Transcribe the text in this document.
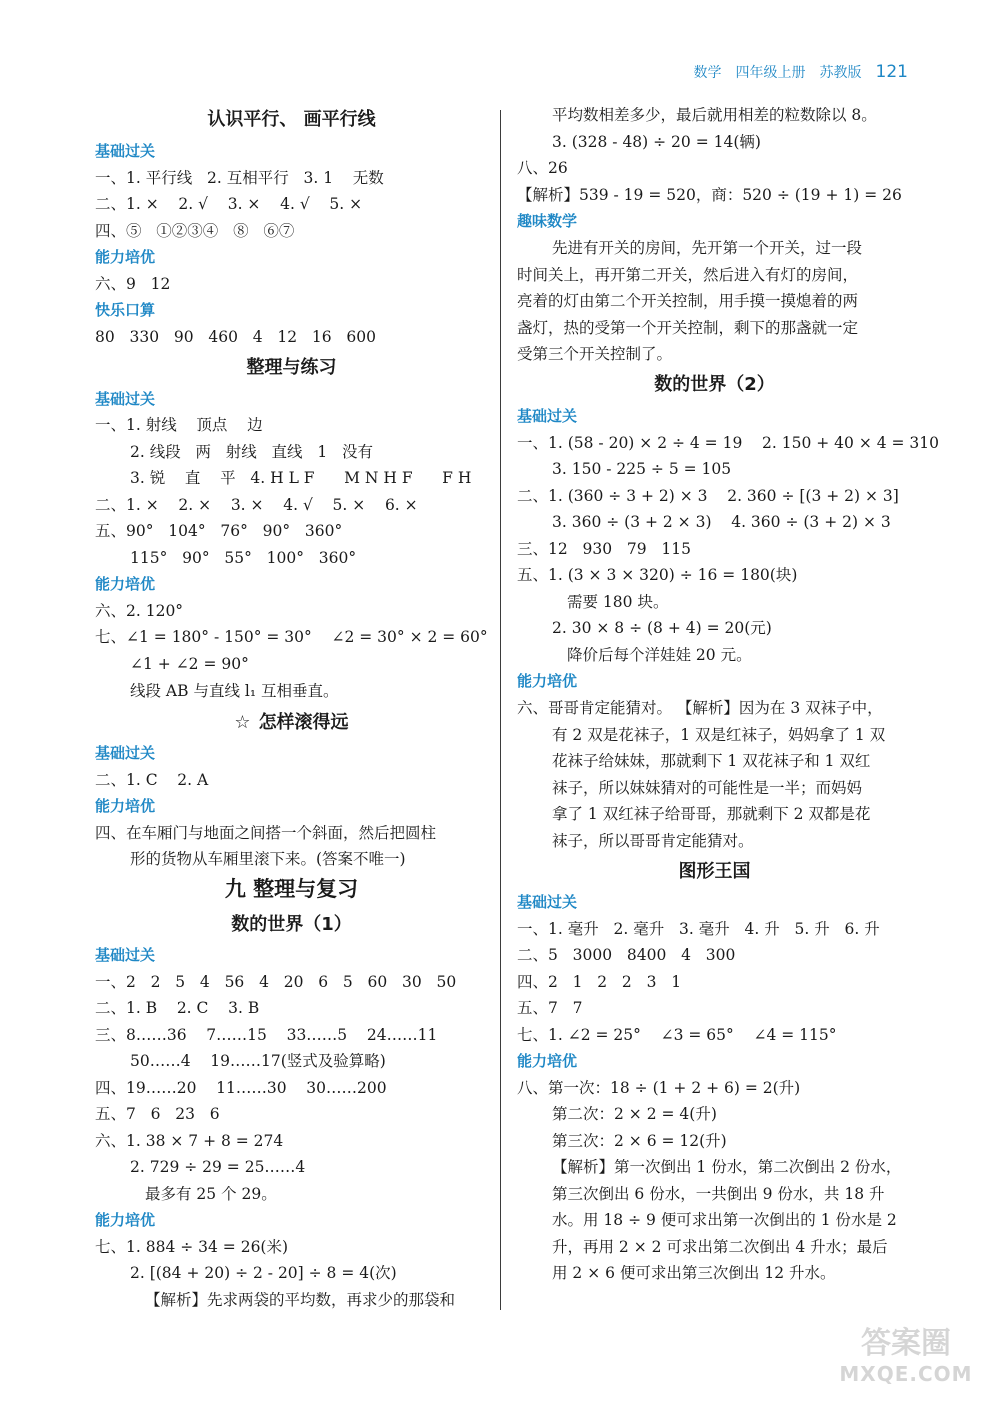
数学 四年级上册 苏教版 121
认识平行、 画平行线
基础过关
一、1. 平行线   2. 互相平行   3. 1    无数
二、1. ×    2. √    3. ×    4. √    5. ×
四、⑤   ①②③④   ⑧   ⑥⑦
能力培优
六、9   12
快乐口算
80   330   90   460   4   12   16   600
整理与练习
基础过关
一、1. 射线    顶点    边
2. 线段   两   射线   直线   1   没有
3. 锐    直    平   4. H L F      M N H F      F H
二、1. ×    2. ×    3. ×    4. √    5. ×    6. ×
五、90°   104°   76°   90°   360°
115°   90°   55°   100°   360°
能力培优
六、2. 120°
七、∠1 = 180° - 150° = 30°    ∠2 = 30° × 2 = 60°
∠1 + ∠2 = 90°
线段 AB 与直线 l₁ 互相垂直。
☆ 怎样滚得远
基础过关
二、1. C    2. A
能力培优
四、在车厢门与地面之间搭一个斜面，然后把圆柱
形的货物从车厢里滚下来。(答案不唯一)
九 整理与复习
数的世界（1）
基础过关
一、2   2   5   4   56   4   20   6   5   60   30   50
二、1. B    2. C    3. B
三、8……36    7……15    33……5    24……11
50……4    19……17(竖式及验算略)
四、19……20    11……30    30……200
五、7   6   23   6
六、1. 38 × 7 + 8 = 274
2. 729 ÷ 29 = 25……4
最多有 25 个 29。
能力培优
七、1. 884 ÷ 34 = 26(米)
2. [(84 + 20) ÷ 2 - 20] ÷ 8 = 4(次)
【解析】先求两袋的平均数，再求少的那袋和
平均数相差多少，最后就用相差的粒数除以 8。
3. (328 - 48) ÷ 20 = 14(辆)
八、26
【解析】539 - 19 = 520，商：520 ÷ (19 + 1) = 26
趣味数学
先进有开关的房间，先开第一个开关，过一段
时间关上，再开第二开关，然后进入有灯的房间，
亮着的灯由第二个开关控制，用手摸一摸熄着的两
盏灯，热的受第一个开关控制，剩下的那盏就一定
受第三个开关控制了。
数的世界（2）
基础过关
一、1. (58 - 20) × 2 ÷ 4 = 19    2. 150 + 40 × 4 = 310
3. 150 - 225 ÷ 5 = 105
二、1. (360 ÷ 3 + 2) × 3    2. 360 ÷ [(3 + 2) × 3]
3. 360 ÷ (3 + 2 × 3)    4. 360 ÷ (3 + 2) × 3
三、12   930   79   115
五、1. (3 × 3 × 320) ÷ 16 = 180(块)
需要 180 块。
2. 30 × 8 ÷ (8 + 4) = 20(元)
降价后每个洋娃娃 20 元。
能力培优
六、哥哥肯定能猜对。 【解析】因为在 3 双袜子中，
有 2 双是花袜子，1 双是红袜子，妈妈拿了 1 双
花袜子给妹妹，那就剩下 1 双花袜子和 1 双红
袜子，所以妹妹猜对的可能性是一半；而妈妈
拿了 1 双红袜子给哥哥，那就剩下 2 双都是花
袜子，所以哥哥肯定能猜对。
图形王国
基础过关
一、1. 毫升   2. 毫升   3. 毫升   4. 升   5. 升   6. 升
二、5   3000   8400   4   300
四、2   1   2   2   3   1
五、7   7
七、1. ∠2 = 25°    ∠3 = 65°    ∠4 = 115°
能力培优
八、第一次：18 ÷ (1 + 2 + 6) = 2(升)
第二次：2 × 2 = 4(升)
第三次：2 × 6 = 12(升)
【解析】第一次倒出 1 份水，第二次倒出 2 份水，
第三次倒出 6 份水，一共倒出 9 份水，共 18 升
水。用 18 ÷ 9 便可求出第一次倒出的 1 份水是 2
升，再用 2 × 2 可求出第二次倒出 4 升水；最后
用 2 × 6 便可求出第三次倒出 12 升水。
答案圈
MXQE.COM
